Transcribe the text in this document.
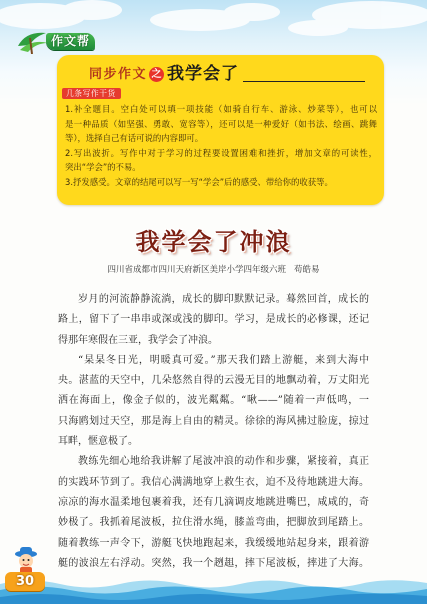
作文帮
同步作文 之 我学会了
几条写作干货
1.补全题目。空白处可以填一项技能（如骑自行车、游泳、炒菜等），也可以
是一种品质（如坚强、勇敢、宽容等），还可以是一种爱好（如书法、绘画、跳舞
等），选择自己有话可说的内容即可。
2.写出波折。写作中对于学习的过程要设置困难和挫折，增加文章的可读性，
突出“学会”的不易。
3.抒发感受。文章的结尾可以写一写“学会”后的感受、带给你的收获等。
我学会了冲浪
四川省成都市四川天府新区美岸小学四年级六班 苟皓易
岁月的河流静静流淌，成长的脚印默默记录。蓦然回首，成长的
路上，留下了一串串或深或浅的脚印。学习，是成长的必修课，还记
得那年寒假在三亚，我学会了冲浪。
“杲杲冬日光，明暖真可爱。”那天我们踏上游艇，来到大海中
央。湛蓝的天空中，几朵悠然自得的云漫无目的地飘动着，万丈阳光
洒在海面上，像金子似的，波光粼粼。“啾——”随着一声低鸣，一
只海鸥划过天空，那是海上自由的精灵。徐徐的海风拂过脸庞，掠过
耳畔，惬意极了。
教练先细心地给我讲解了尾波冲浪的动作和步骤，紧接着，真正
的实践环节到了。我信心满满地穿上救生衣，迫不及待地跳进大海。
凉凉的海水温柔地包裹着我，还有几滴调皮地跳进嘴巴，咸咸的，奇
妙极了。我抓着尾波板，拉住滑水绳，膝盖弯曲，把脚放到尾踏上。
随着教练一声令下，游艇飞快地跑起来，我缓缓地站起身来，跟着游
艇的波浪左右浮动。突然，我一个趔趄，摔下尾波板，摔进了大海。
30
